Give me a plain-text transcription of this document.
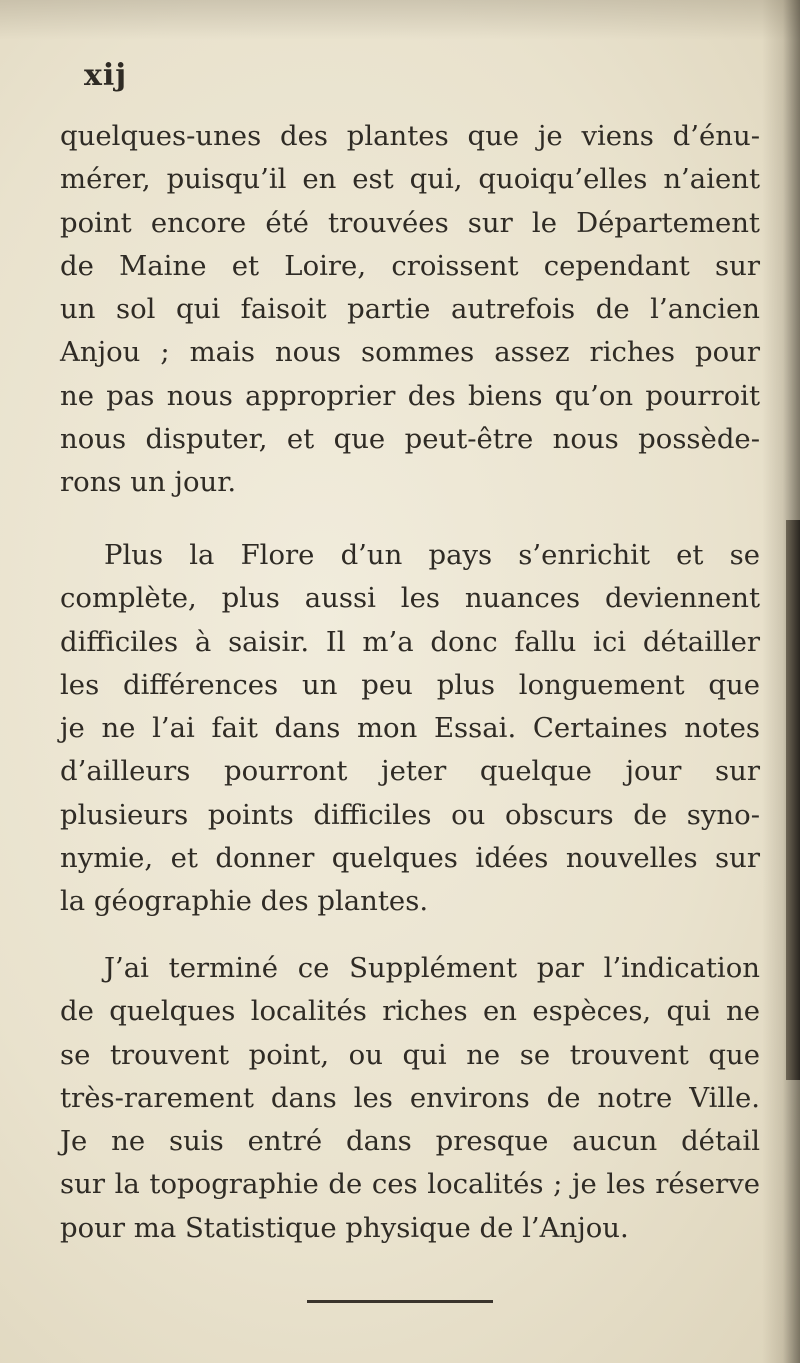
xij
quelques-unes des plantes que je viens d’énu-
mérer, puisqu’il en est qui, quoiqu’elles n’aient
point encore été trouvées sur le Département
de Maine et Loire, croissent cependant sur
un sol qui faisoit partie autrefois de l’ancien
Anjou ; mais nous sommes assez riches pour
ne pas nous approprier des biens qu’on pourroit
nous disputer, et que peut-être nous possède-
rons un jour.
Plus la Flore d’un pays s’enrichit et se
complète, plus aussi les nuances deviennent
difficiles à saisir. Il m’a donc fallu ici détailler
les différences un peu plus longuement que
je ne l’ai fait dans mon Essai. Certaines notes
d’ailleurs pourront jeter quelque jour sur
plusieurs points difficiles ou obscurs de syno-
nymie, et donner quelques idées nouvelles sur
la géographie des plantes.
J’ai terminé ce Supplément par l’indication
de quelques localités riches en espèces, qui ne
se trouvent point, ou qui ne se trouvent que
très-rarement dans les environs de notre Ville.
Je ne suis entré dans presque aucun détail
sur la topographie de ces localités ; je les réserve
pour ma Statistique physique de l’Anjou.
